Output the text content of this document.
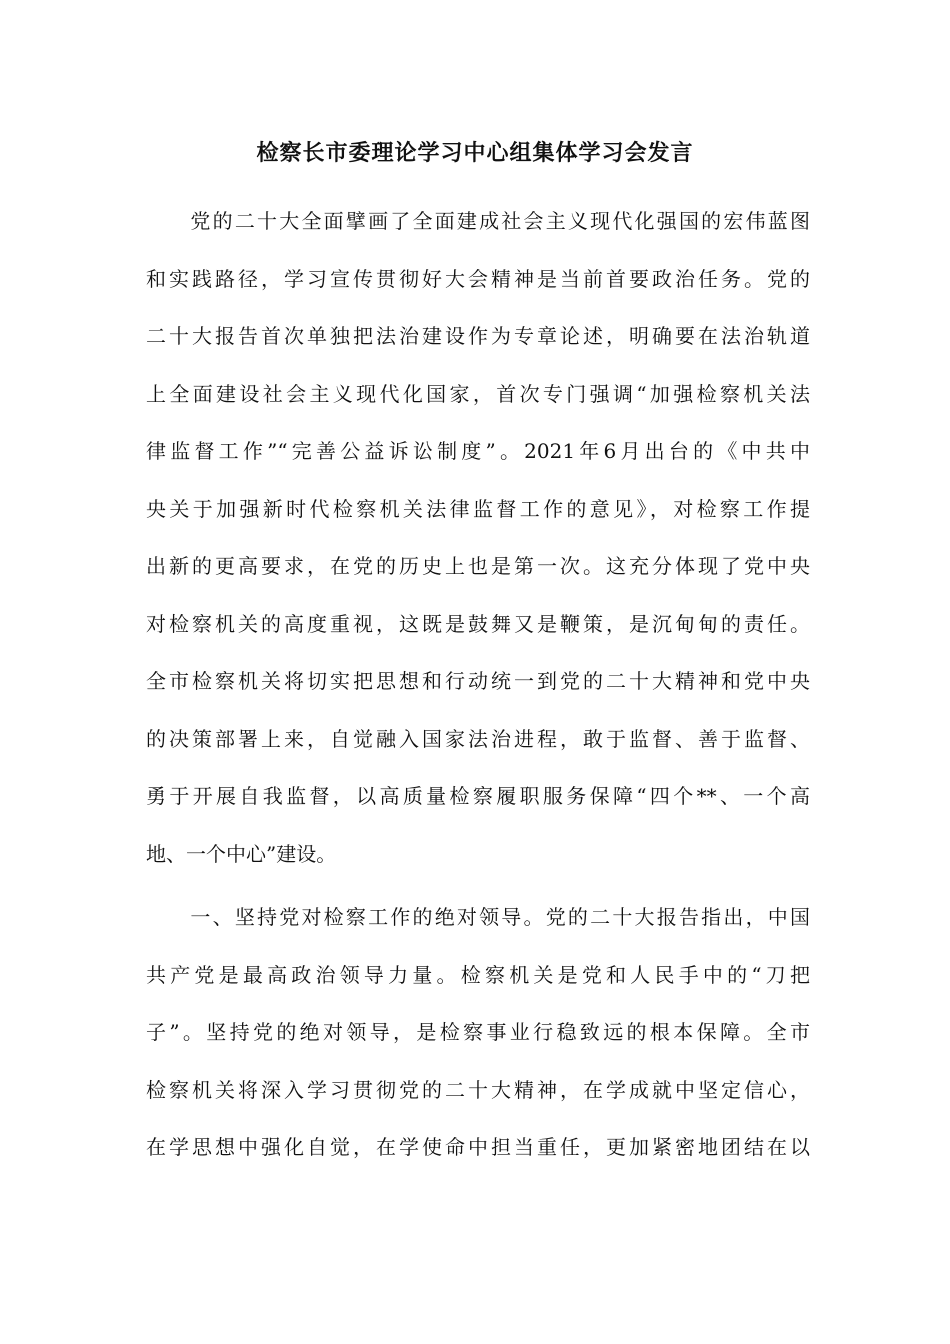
检察长市委理论学习中心组集体学习会发言
　　党的二十大全面擘画了全面建成社会主义现代化强国的宏伟蓝图
和实践路径，学习宣传贯彻好大会精神是当前首要政治任务。党的
二十大报告首次单独把法治建设作为专章论述，明确要在法治轨道
上全面建设社会主义现代化国家，首次专门强调“加强检察机关法
律监督工作”“完善公益诉讼制度”。2021年6月出台的《中共中
央关于加强新时代检察机关法律监督工作的意见》，对检察工作提
出新的更高要求，在党的历史上也是第一次。这充分体现了党中央
对检察机关的高度重视，这既是鼓舞又是鞭策，是沉甸甸的责任。
全市检察机关将切实把思想和行动统一到党的二十大精神和党中央
的决策部署上来，自觉融入国家法治进程，敢于监督、善于监督、
勇于开展自我监督，以高质量检察履职服务保障“四个**、一个高
地、一个中心”建设。
　　一、坚持党对检察工作的绝对领导。党的二十大报告指出，中国
共产党是最高政治领导力量。检察机关是党和人民手中的“刀把
子”。坚持党的绝对领导，是检察事业行稳致远的根本保障。全市
检察机关将深入学习贯彻党的二十大精神，在学成就中坚定信心，
在学思想中强化自觉，在学使命中担当重任，更加紧密地团结在以
